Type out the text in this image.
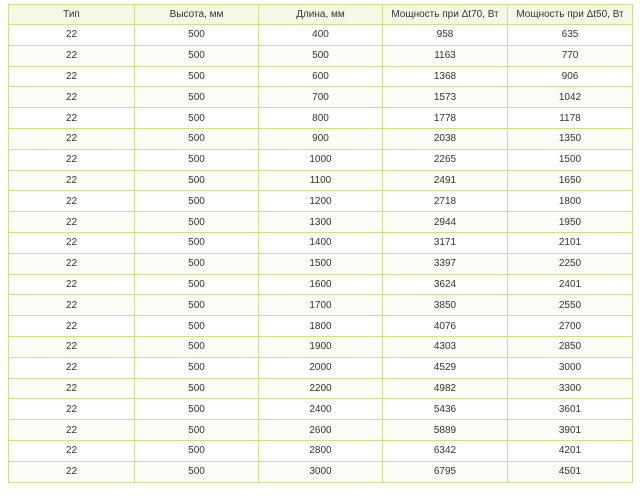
Тип	Высота, мм	Длина, мм	Мощность при Δt70, Вт	Мощность при Δt50, Вт
22	500	400	958	635
22	500	500	1163	770
22	500	600	1368	906
22	500	700	1573	1042
22	500	800	1778	1178
22	500	900	2038	1350
22	500	1000	2265	1500
22	500	1100	2491	1650
22	500	1200	2718	1800
22	500	1300	2944	1950
22	500	1400	3171	2101
22	500	1500	3397	2250
22	500	1600	3624	2401
22	500	1700	3850	2550
22	500	1800	4076	2700
22	500	1900	4303	2850
22	500	2000	4529	3000
22	500	2200	4982	3300
22	500	2400	5436	3601
22	500	2600	5889	3901
22	500	2800	6342	4201
22	500	3000	6795	4501
